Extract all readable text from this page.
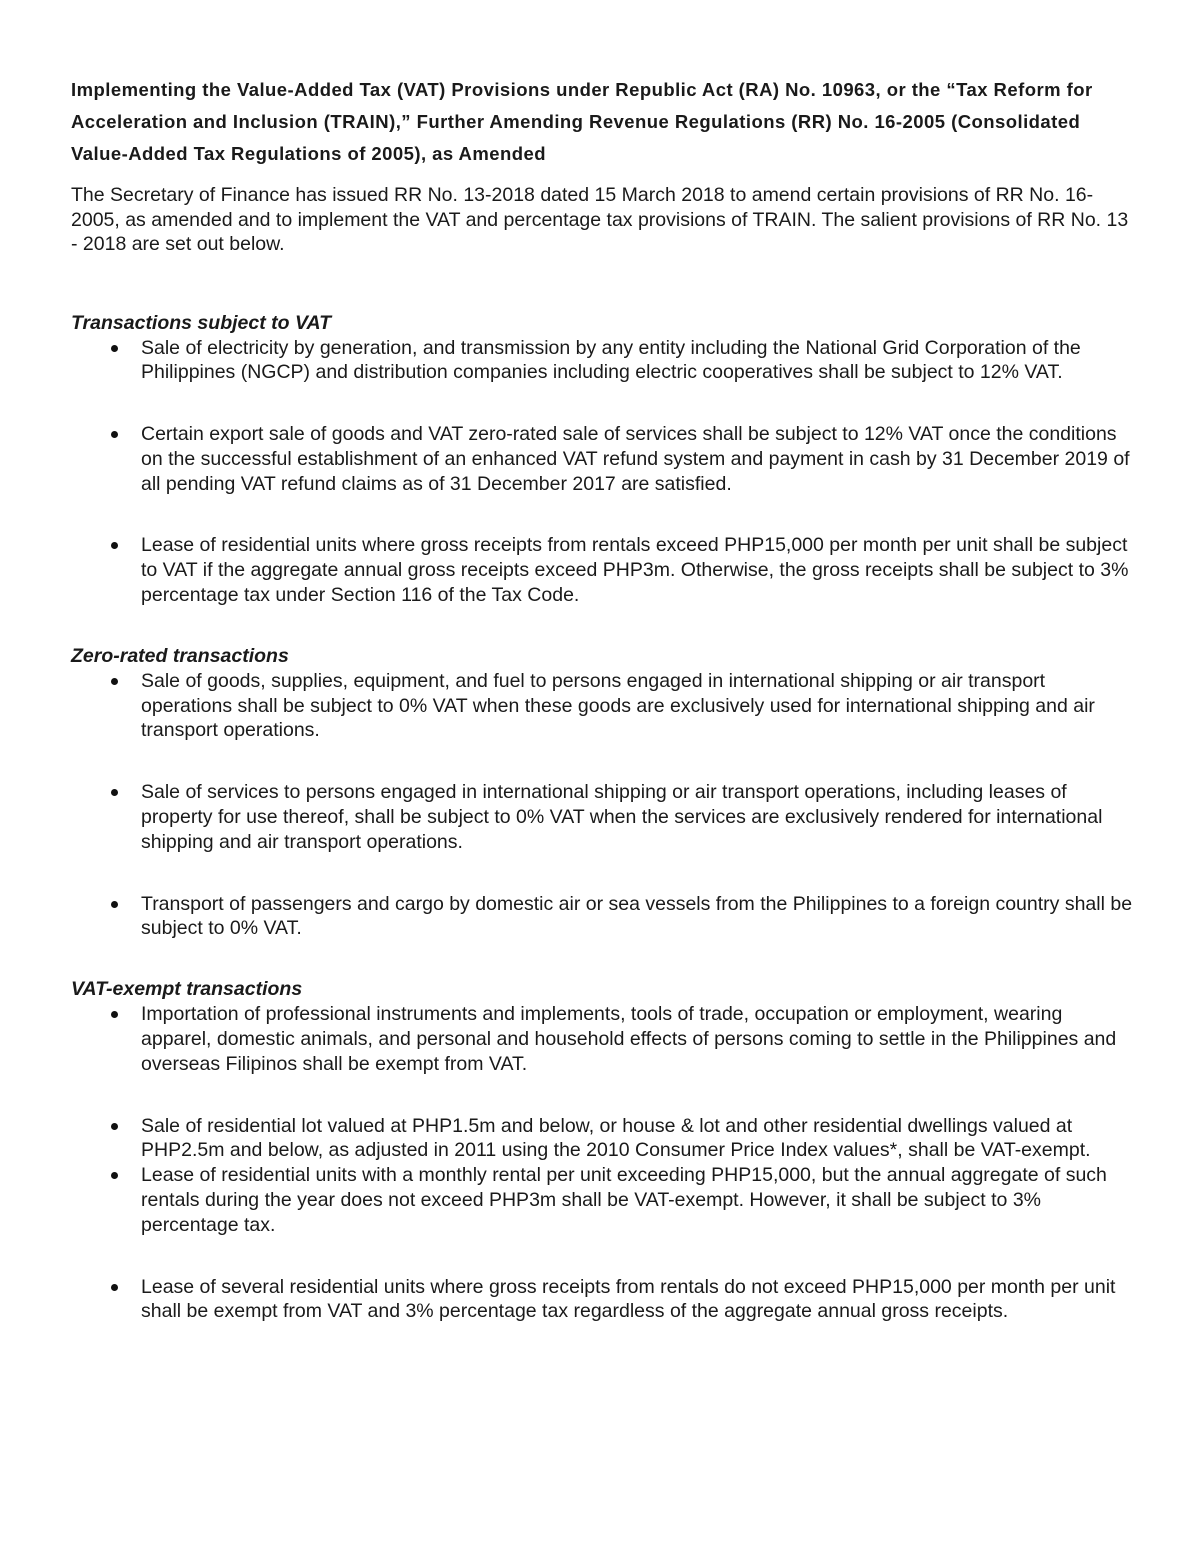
Implementing the Value-Added Tax (VAT) Provisions under Republic Act (RA) No. 10963, or the “Tax Reform for Acceleration and Inclusion (TRAIN),” Further Amending Revenue Regulations (RR) No. 16-2005 (Consolidated Value-Added Tax Regulations of 2005), as Amended

The Secretary of Finance has issued RR No. 13-2018 dated 15 March 2018 to amend certain provisions of RR No. 16-2005, as amended and to implement the VAT and percentage tax provisions of TRAIN. The salient provisions of RR No. 13 - 2018 are set out below.

Transactions subject to VAT

Sale of electricity by generation, and transmission by any entity including the National Grid Corporation of the Philippines (NGCP) and distribution companies including electric cooperatives shall be subject to 12% VAT.
Certain export sale of goods and VAT zero-rated sale of services shall be subject to 12% VAT once the conditions on the successful establishment of an enhanced VAT refund system and payment in cash by 31 December 2019 of all pending VAT refund claims as of 31 December 2017 are satisfied.
Lease of residential units where gross receipts from rentals exceed PHP15,000 per month per unit shall be subject to VAT if the aggregate annual gross receipts exceed PHP3m. Otherwise, the gross receipts shall be subject to 3% percentage tax under Section 116 of the Tax Code.

Zero-rated transactions

Sale of goods, supplies, equipment, and fuel to persons engaged in international shipping or air transport operations shall be subject to 0% VAT when these goods are exclusively used for international shipping and air transport operations.
Sale of services to persons engaged in international shipping or air transport operations, including leases of property for use thereof, shall be subject to 0% VAT when the services are exclusively rendered for international shipping and air transport operations.
Transport of passengers and cargo by domestic air or sea vessels from the Philippines to a foreign country shall be subject to 0% VAT.

VAT-exempt transactions

Importation of professional instruments and implements, tools of trade, occupation or employment, wearing apparel, domestic animals, and personal and household effects of persons coming to settle in the Philippines and overseas Filipinos shall be exempt from VAT.
Sale of residential lot valued at PHP1.5m and below, or house & lot and other residential dwellings valued at PHP2.5m and below, as adjusted in 2011 using the 2010 Consumer Price Index values*, shall be VAT-exempt.
Lease of residential units with a monthly rental per unit exceeding PHP15,000, but the annual aggregate of such rentals during the year does not exceed PHP3m shall be VAT-exempt. However, it shall be subject to 3% percentage tax.
Lease of several residential units where gross receipts from rentals do not exceed PHP15,000 per month per unit shall be exempt from VAT and 3% percentage tax regardless of the aggregate annual gross receipts.
